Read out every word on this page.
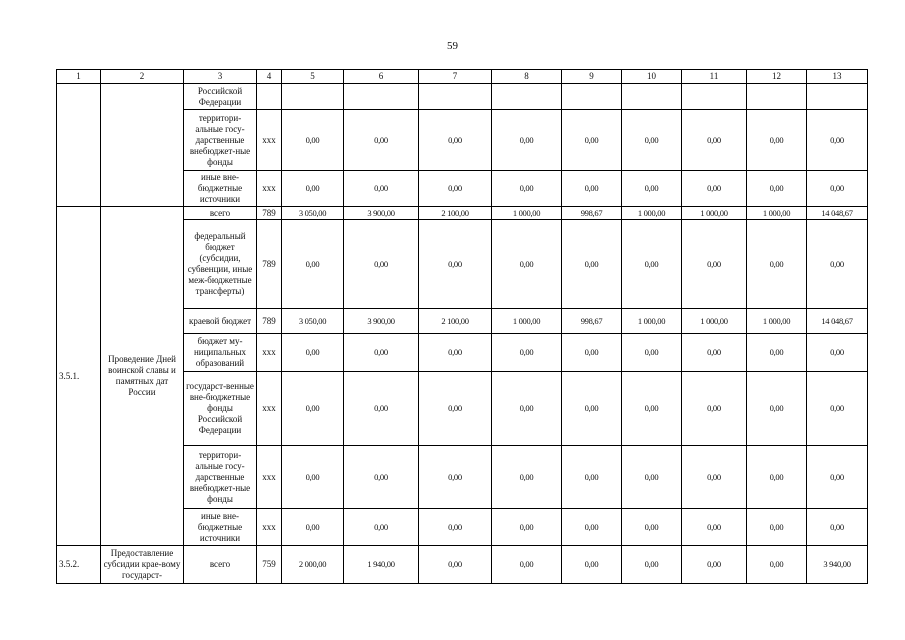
59
1	2	3	4	5	6	7	8	9	10	11	12	13
		Российской Федерации										
		территори-альные госу-дарственные внебюджет-ные фонды	ххх	0,00	0,00	0,00	0,00	0,00	0,00	0,00	0,00	0,00
		иные вне-бюджетные источники	ххх	0,00	0,00	0,00	0,00	0,00	0,00	0,00	0,00	0,00
3.5.1.	Проведение Дней воинской славы и памятных дат России	всего	789	3 050,00	3 900,00	2 100,00	1 000,00	998,67	1 000,00	1 000,00	1 000,00	14 048,67
		федеральный бюджет (субсидии, субвенции, иные меж-бюджетные трансферты)	789	0,00	0,00	0,00	0,00	0,00	0,00	0,00	0,00	0,00
		краевой бюджет	789	3 050,00	3 900,00	2 100,00	1 000,00	998,67	1 000,00	1 000,00	1 000,00	14 048,67
		бюджет му-ниципальных образований	ххх	0,00	0,00	0,00	0,00	0,00	0,00	0,00	0,00	0,00
		государст-венные вне-бюджетные фонды Российской Федерации	ххх	0,00	0,00	0,00	0,00	0,00	0,00	0,00	0,00	0,00
		территори-альные госу-дарственные внебюджет-ные фонды	ххх	0,00	0,00	0,00	0,00	0,00	0,00	0,00	0,00	0,00
		иные вне-бюджетные источники	ххх	0,00	0,00	0,00	0,00	0,00	0,00	0,00	0,00	0,00
3.5.2.	Предоставление субсидии крае-вому государст-	всего	759	2 000,00	1 940,00	0,00	0,00	0,00	0,00	0,00	0,00	3 940,00
